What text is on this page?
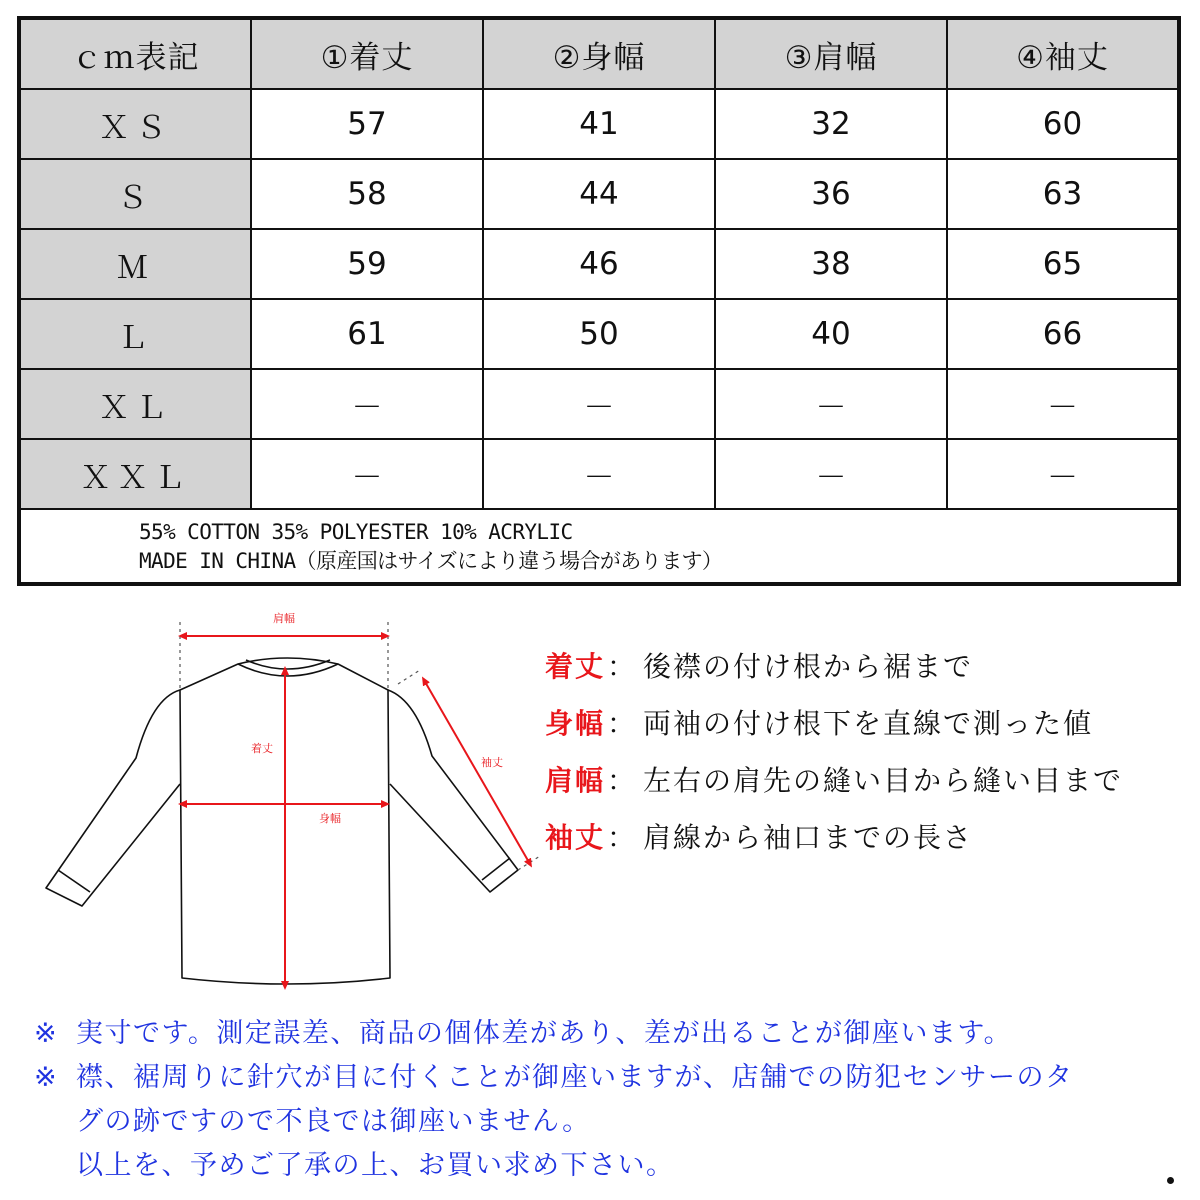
ｃｍ表記	①着丈	②身幅	③肩幅	④袖丈
ＸＳ	57	41	32	60
Ｓ	58	44	36	63
Ｍ	59	46	38	65
Ｌ	61	50	40	66
ＸＬ	－	－	－	－
ＸＸＬ	－	－	－	－
55% COTTON 35% POLYESTER 10% ACRYLIC
MADE IN CHINA（原産国はサイズにより違う場合があります）
肩幅
着丈
身幅
袖丈
着丈 ： 後襟の付け根から裾まで
身幅 ： 両袖の付け根下を直線で測った値
肩幅 ： 左右の肩先の縫い目から縫い目まで
袖丈 ： 肩線から袖口までの長さ
※ 実寸です。測定誤差、商品の個体差があり、差が出ることが御座います。
※ 襟、裾周りに針穴が目に付くことが御座いますが、店舗での防犯センサーのタ
グの跡ですので不良では御座いません。
以上を、予めご了承の上、お買い求め下さい。
